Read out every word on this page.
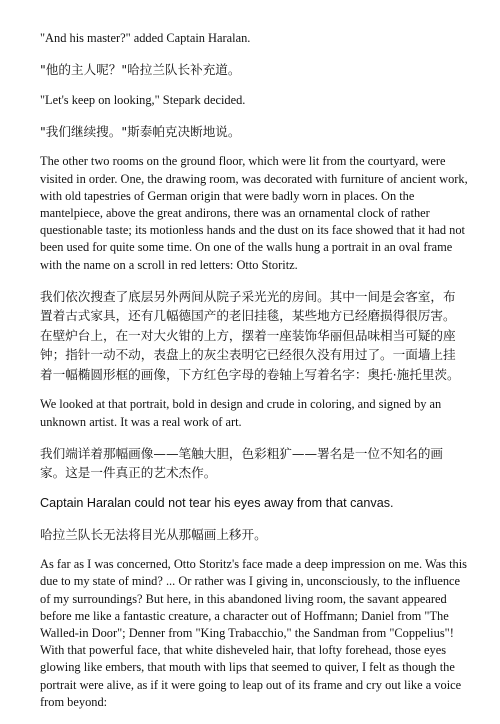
"And his master?" added Captain Haralan.

"他的主人呢？"哈拉兰队长补充道。

"Let's keep on looking," Stepark decided.

"我们继续搜。"斯泰帕克决断地说。

The other two rooms on the ground floor, which were lit from the courtyard, were visited in order. One, the drawing room, was decorated with furniture of ancient work, with old tapestries of German origin that were badly worn in places. On the mantelpiece, above the great andirons, there was an ornamental clock of rather questionable taste; its motionless hands and the dust on its face showed that it had not been used for quite some time. On one of the walls hung a portrait in an oval frame with the name on a scroll in red letters: Otto Storitz.

我们依次搜查了底层另外两间从院子采光光的房间。其中一间是会客室，布置着古式家具，还有几幅德国产的老旧挂毯，某些地方已经磨损得很厉害。在壁炉台上，在一对大火钳的上方，摆着一座装饰华丽但品味相当可疑的座钟；指针一动不动，表盘上的灰尘表明它已经很久没有用过了。一面墙上挂着一幅椭圆形框的画像，下方红色字母的卷轴上写着名字：奥托·施托里茨。

We looked at that portrait, bold in design and crude in coloring, and signed by an unknown artist. It was a real work of art.

我们端详着那幅画像——笔触大胆，色彩粗犷——署名是一位不知名的画家。这是一件真正的艺术杰作。

Captain Haralan could not tear his eyes away from that canvas.

哈拉兰队长无法将目光从那幅画上移开。

As far as I was concerned, Otto Storitz's face made a deep impression on me. Was this due to my state of mind? ... Or rather was I giving in, unconsciously, to the influence of my surroundings? But here, in this abandoned living room, the savant appeared before me like a fantastic creature, a character out of Hoffmann; Daniel from "The Walled-in Door"; Denner from "King Trabacchio," the Sandman from "Coppelius"! With that powerful face, that white disheveled hair, that lofty forehead, those eyes glowing like embers, that mouth with lips that seemed to quiver, I felt as though the portrait were alive, as if it were going to leap out of its frame and cry out like a voice from beyond:
